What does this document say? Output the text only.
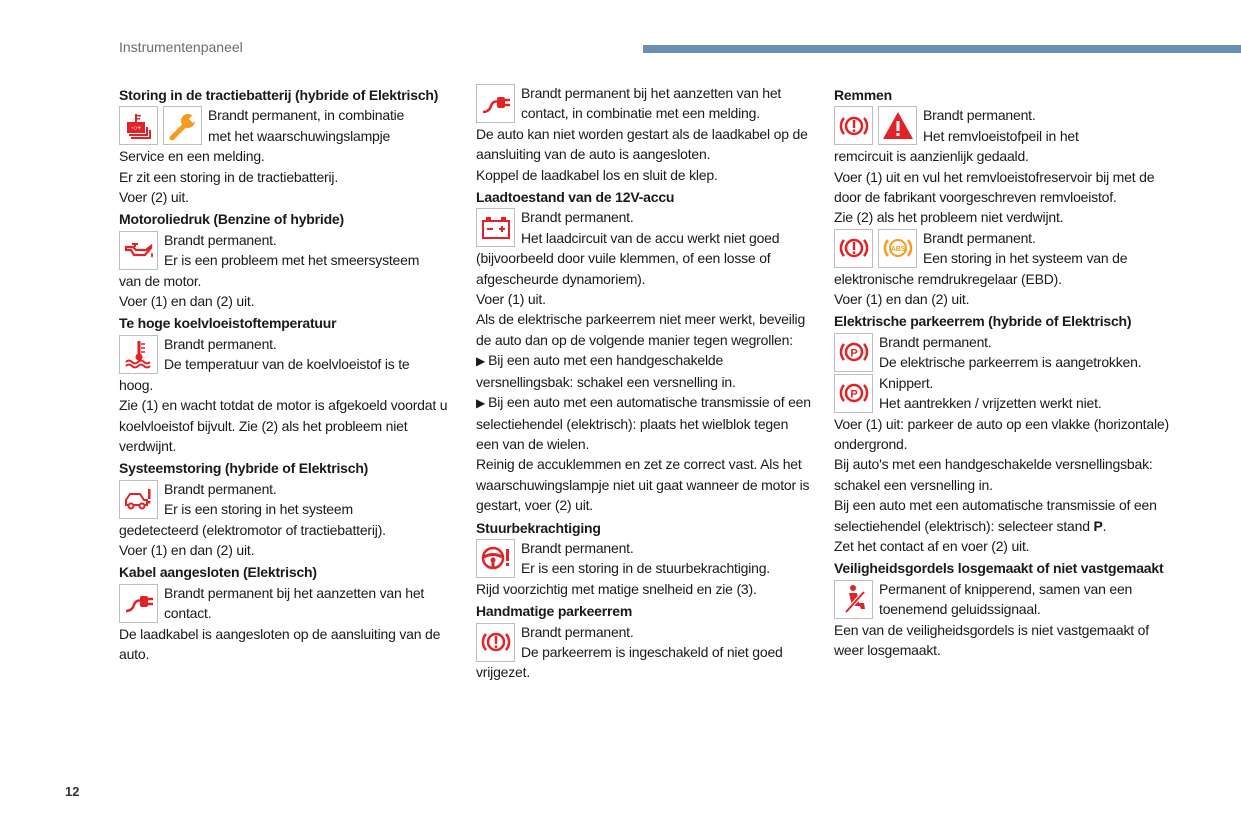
Instrumentenpaneel
Storing in de tractiebatterij (hybride of Elektrisch)
-○+
Brandt permanent, in combinatie
met het waarschuwingslampje
Service en een melding.
Er zit een storing in de tractiebatterij.
Voer (2) uit.
Motoroliedruk (Benzine of hybride)
Brandt permanent.
Er is een probleem met het smeersysteem
van de motor.
Voer (1) en dan (2) uit.
Te hoge koelvloeistoftemperatuur
Brandt permanent.
De temperatuur van de koelvloeistof is te
hoog.
Zie (1) en wacht totdat de motor is afgekoeld voordat u koelvloeistof bijvult. Zie (2) als het probleem niet verdwijnt.
Systeemstoring (hybride of Elektrisch)
Brandt permanent.
Er is een storing in het systeem
gedetecteerd (elektromotor of tractiebatterij).
Voer (1) en dan (2) uit.
Kabel aangesloten (Elektrisch)
Brandt permanent bij het aanzetten van het
contact.
De laadkabel is aangesloten op de aansluiting van de auto.
Brandt permanent bij het aanzetten van het
contact, in combinatie met een melding.
De auto kan niet worden gestart als de laadkabel op de aansluiting van de auto is aangesloten.
Koppel de laadkabel los en sluit de klep.
Laadtoestand van de 12V-accu
Brandt permanent.
Het laadcircuit van de accu werkt niet goed
(bijvoorbeeld door vuile klemmen, of een losse of afgescheurde dynamoriem).
Voer (1) uit.
Als de elektrische parkeerrem niet meer werkt, beveilig de auto dan op de volgende manier tegen wegrollen:
▶ Bij een auto met een handgeschakelde versnellingsbak: schakel een versnelling in.
▶ Bij een auto met een automatische transmissie of een selectiehendel (elektrisch): plaats het wielblok tegen een van de wielen.
Reinig de accuklemmen en zet ze correct vast. Als het waarschuwingslampje niet uit gaat wanneer de motor is gestart, voer (2) uit.
Stuurbekrachtiging
Brandt permanent.
Er is een storing in de stuurbekrachtiging.
Rijd voorzichtig met matige snelheid en zie (3).
Handmatige parkeerrem
Brandt permanent.
De parkeerrem is ingeschakeld of niet goed
vrijgezet.
Remmen
Brandt permanent.
Het remvloeistofpeil in het
remcircuit is aanzienlijk gedaald.
Voer (1) uit en vul het remvloeistofreservoir bij met de door de fabrikant voorgeschreven remvloeistof.
Zie (2) als het probleem niet verdwijnt.
ABS
Brandt permanent.
Een storing in het systeem van de
elektronische remdrukregelaar (EBD).
Voer (1) en dan (2) uit.
Elektrische parkeerrem (hybride of Elektrisch)
P
Brandt permanent.
De elektrische parkeerrem is aangetrokken.
P
Knippert.
Het aantrekken / vrijzetten werkt niet.
Voer (1) uit: parkeer de auto op een vlakke (horizontale) ondergrond.
Bij auto's met een handgeschakelde versnellingsbak: schakel een versnelling in.
Bij een auto met een automatische transmissie of een selectiehendel (elektrisch): selecteer stand P.
Zet het contact af en voer (2) uit.
Veiligheidsgordels losgemaakt of niet vastgemaakt
Permanent of knipperend, samen van een
toenemend geluidssignaal.
Een van de veiligheidsgordels is niet vastgemaakt of weer losgemaakt.
12
